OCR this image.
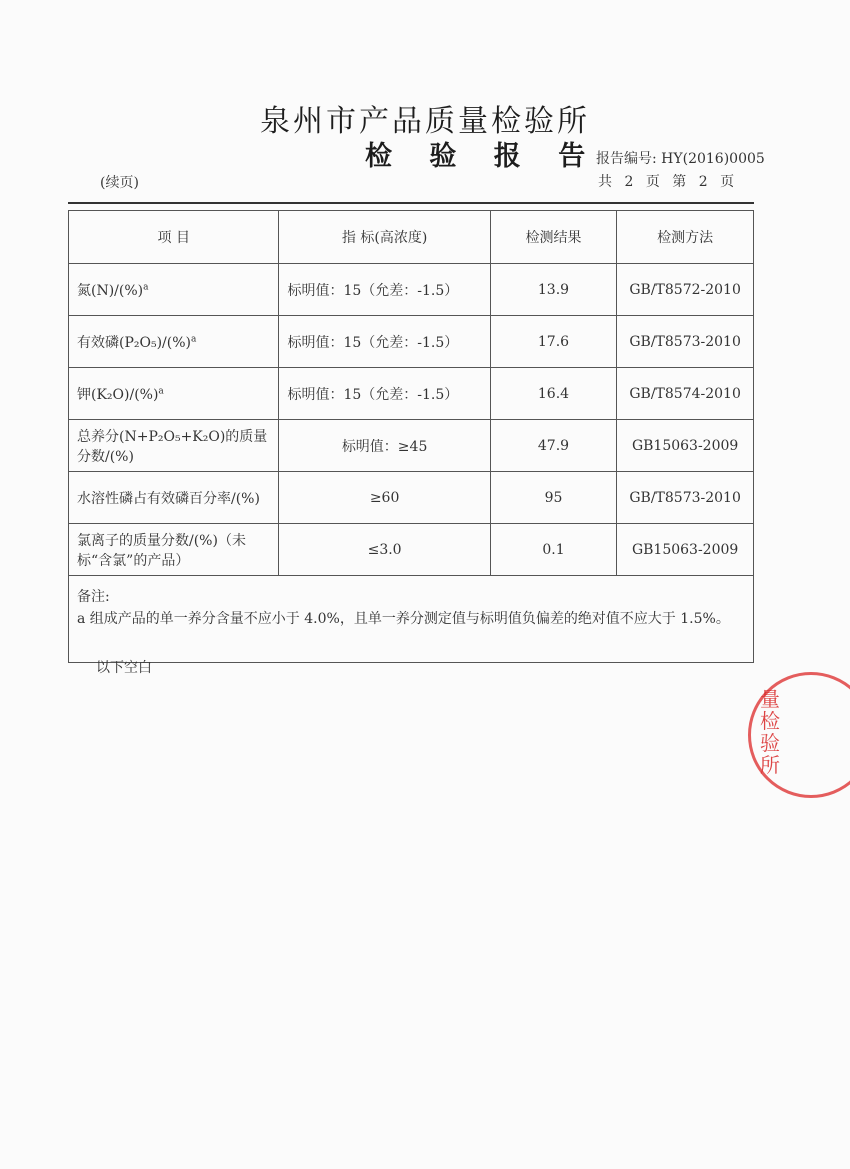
泉州市产品质量检验所
检 验 报 告
报告编号: HY(2016)0005
共 2 页 第 2 页
(续页)
项 目	指 标(高浓度)	检测结果	检测方法
氮(N)/(%)$^a$	标明值：15（允差：-1.5）	13.9	GB/T8572-2010
有效磷(P₂O₅)/(%)$^a$	标明值：15（允差：-1.5）	17.6	GB/T8573-2010
钾(K₂O)/(%)$^a$	标明值：15（允差：-1.5）	16.4	GB/T8574-2010
总养分(N+P₂O₅+K₂O)的质量分数/(%)	标明值：≥45	47.9	GB15063-2009
水溶性磷占有效磷百分率/(%)	≥60	95	GB/T8573-2010
氯离子的质量分数/(%)（未标“含氯”的产品）	≤3.0	0.1	GB15063-2009

备注:
a 组成产品的单一养分含量不应小于 4.0%，且单一养分测定值与标明值负偏差的绝对值不应大于 1.5%。			
以下空白
量检验所
